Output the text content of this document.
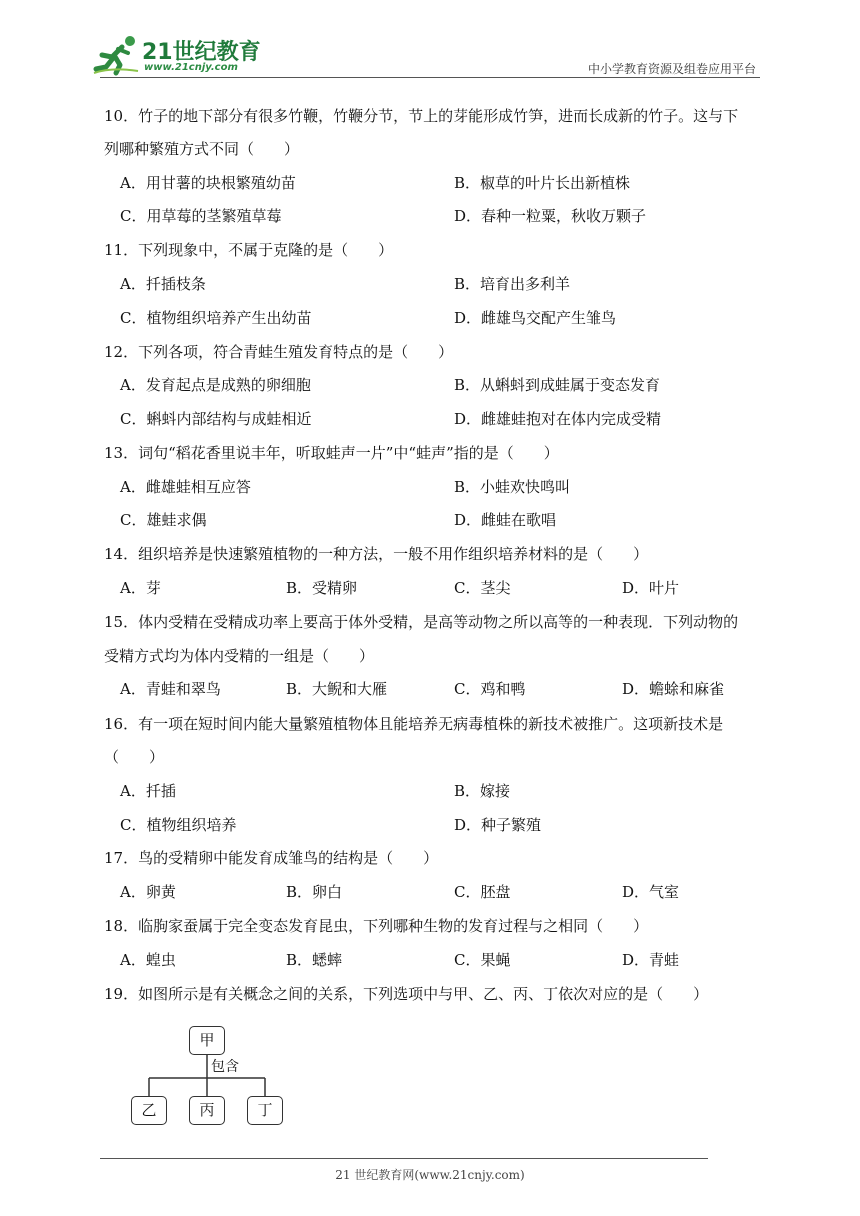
21世纪教育
www.21cnjy.com	中小学教育资源及组卷应用平台
10．竹子的地下部分有很多竹鞭，竹鞭分节，节上的芽能形成竹笋，进而长成新的竹子。这与下
列哪种繁殖方式不同（　　）
A．用甘薯的块根繁殖幼苗	B．椒草的叶片长出新植株
C．用草莓的茎繁殖草莓	D．春种一粒粟，秋收万颗子
11．下列现象中，不属于克隆的是（　　）
A．扦插枝条	B．培育出多利羊
C．植物组织培养产生出幼苗	D．雌雄鸟交配产生雏鸟
12．下列各项，符合青蛙生殖发育特点的是（　　）
A．发育起点是成熟的卵细胞	B．从蝌蚪到成蛙属于变态发育
C．蝌蚪内部结构与成蛙相近	D．雌雄蛙抱对在体内完成受精
13．词句“稻花香里说丰年，听取蛙声一片”中“蛙声”指的是（　　）
A．雌雄蛙相互应答	B．小蛙欢快鸣叫
C．雄蛙求偶	D．雌蛙在歌唱
14．组织培养是快速繁殖植物的一种方法，一般不用作组织培养材料的是（　　）
A．芽	B．受精卵	C．茎尖	D．叶片
15．体内受精在受精成功率上要高于体外受精，是高等动物之所以高等的一种表现．下列动物的
受精方式均为体内受精的一组是（　　）
A．青蛙和翠鸟	B．大鲵和大雁	C．鸡和鸭	D．蟾蜍和麻雀
16．有一项在短时间内能大量繁殖植物体且能培养无病毒植株的新技术被推广。这项新技术是
（　　）
A．扦插	B．嫁接
C．植物组织培养	D．种子繁殖
17．鸟的受精卵中能发育成雏鸟的结构是（　　）
A．卵黄	B．卵白	C．胚盘	D．气室
18．临朐家蚕属于完全变态发育昆虫，下列哪种生物的发育过程与之相同（　　）
A．蝗虫	B．蟋蟀	C．果蝇	D．青蛙
19．如图所示是有关概念之间的关系，下列选项中与甲、乙、丙、丁依次对应的是（　　）
甲
包含
乙	丙	丁
21 世纪教育网(www.21cnjy.com)
